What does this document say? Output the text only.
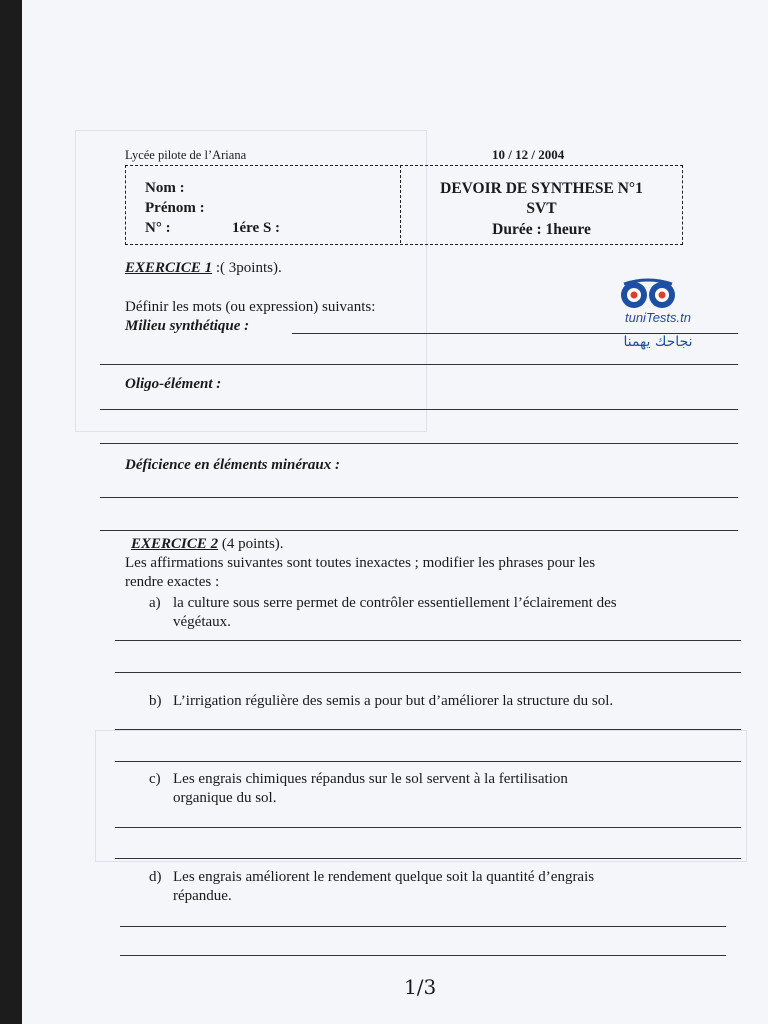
Lycée pilote de l’Ariana	10 / 12 / 2004
Nom :
Prénom :
N° :	1ére S :
DEVOIR DE SYNTHESE N°1
SVT
Durée : 1heure
EXERCICE 1 :( 3points).
Définir les mots (ou expression) suivants:
Milieu synthétique :
Oligo-élément :
Déficience en éléments minéraux :
tuniTests.tn
نجاحك يهمنا
EXERCICE 2 (4 points).
Les affirmations suivantes sont toutes inexactes ; modifier les phrases pour les
rendre exactes :
a) la culture sous serre permet de contrôler essentiellement l’éclairement des
végétaux.
b) L’irrigation régulière des semis a pour but d’améliorer la structure du sol.
c) Les engrais chimiques répandus sur le sol servent à la fertilisation
organique du sol.
d) Les engrais améliorent le rendement quelque soit la quantité d’engrais
répandue.
1/3
